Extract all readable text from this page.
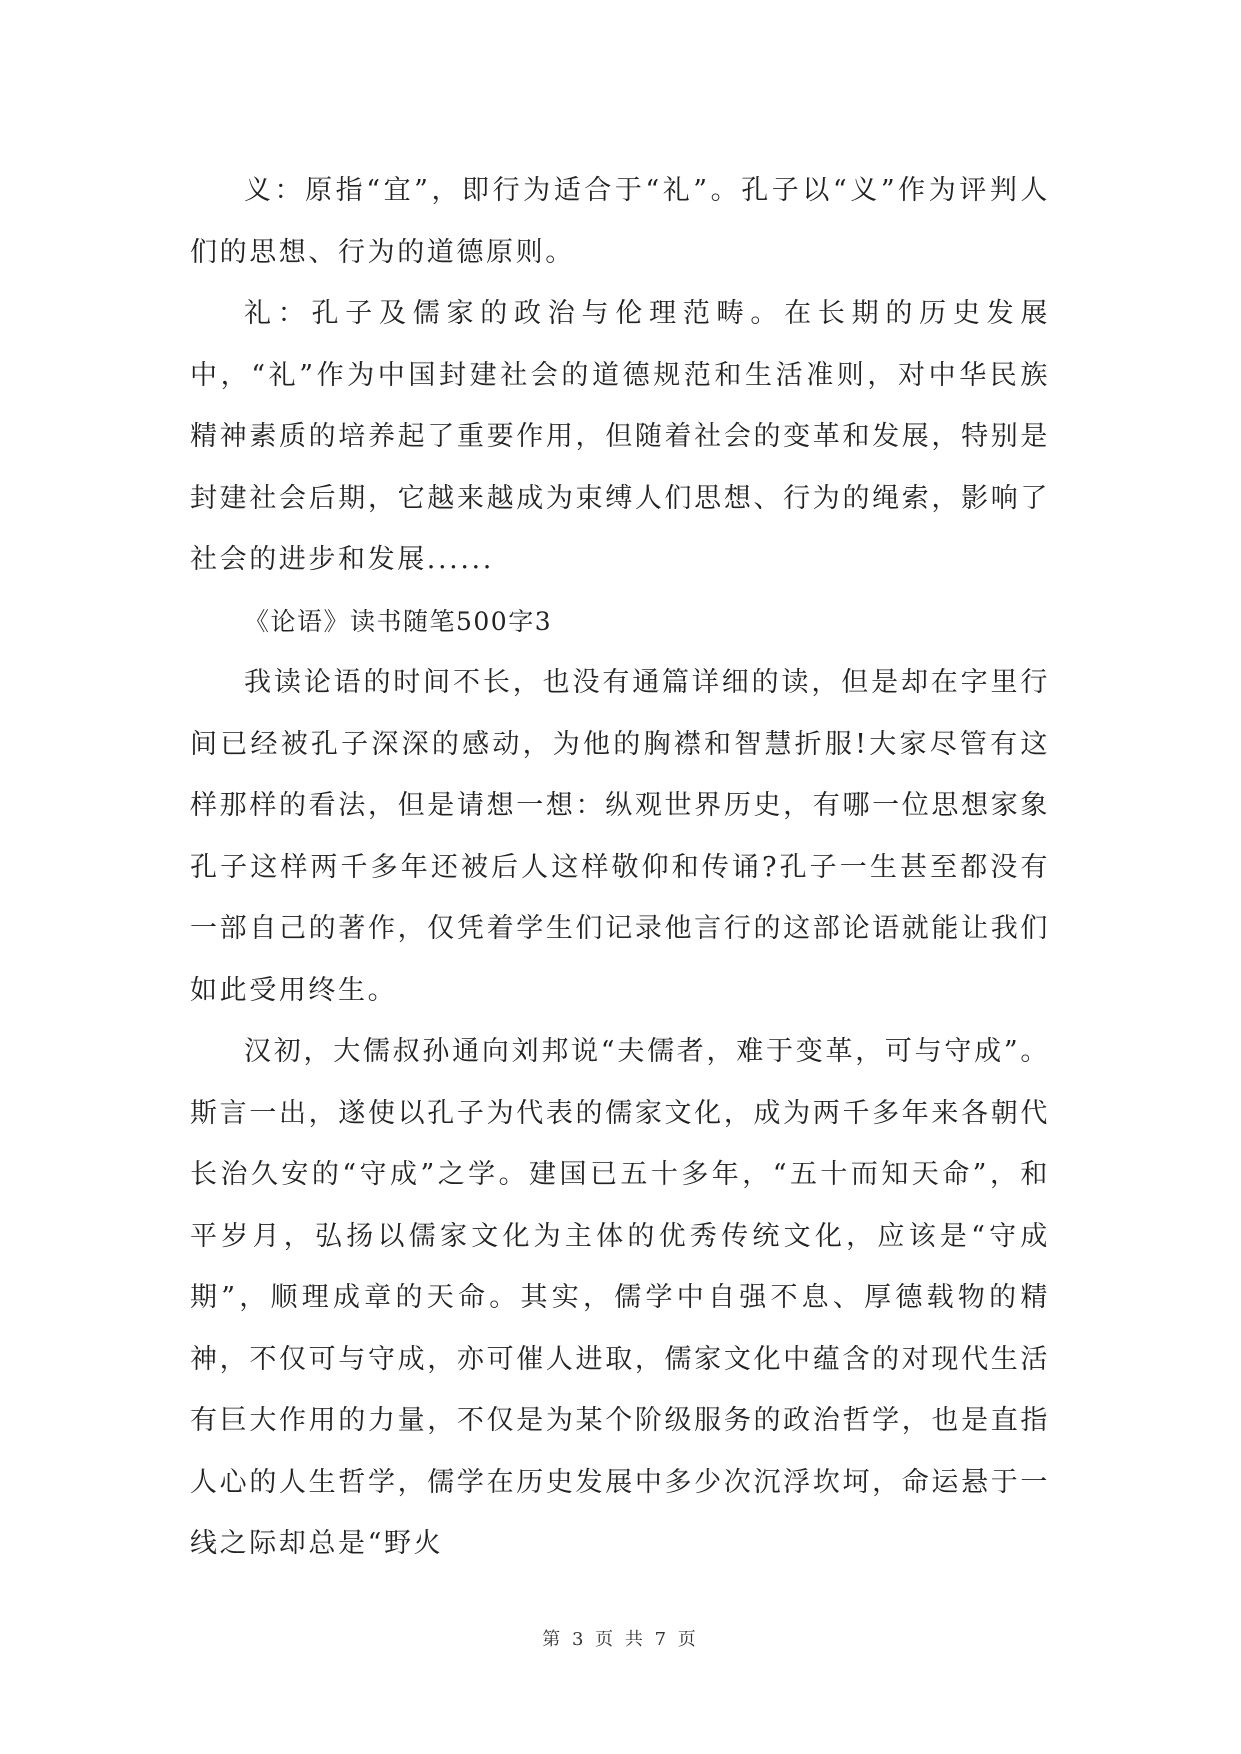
义：原指“宜”，即行为适合于“礼”。孔子以“义”作为评判人们的思想、行为的道德原则。

礼：孔子及儒家的政治与伦理范畴。在长期的历史发展中，“礼”作为中国封建社会的道德规范和生活准则，对中华民族精神素质的培养起了重要作用，但随着社会的变革和发展，特别是封建社会后期，它越来越成为束缚人们思想、行为的绳索，影响了社会的进步和发展......

《论语》读书随笔500字3

我读论语的时间不长，也没有通篇详细的读，但是却在字里行间已经被孔子深深的感动，为他的胸襟和智慧折服!大家尽管有这样那样的看法，但是请想一想：纵观世界历史，有哪一位思想家象孔子这样两千多年还被后人这样敬仰和传诵?孔子一生甚至都没有一部自己的著作，仅凭着学生们记录他言行的这部论语就能让我们如此受用终生。

汉初，大儒叔孙通向刘邦说“夫儒者，难于变革，可与守成”。斯言一出，遂使以孔子为代表的儒家文化，成为两千多年来各朝代长治久安的“守成”之学。建国已五十多年，“五十而知天命”，和平岁月，弘扬以儒家文化为主体的优秀传统文化，应该是“守成期”，顺理成章的天命。其实，儒学中自强不息、厚德载物的精神，不仅可与守成，亦可催人进取，儒家文化中蕴含的对现代生活有巨大作用的力量，不仅是为某个阶级服务的政治哲学，也是直指人心的人生哲学，儒学在历史发展中多少次沉浮坎坷，命运悬于一线之际却总是“野火

第 3 页 共 7 页
